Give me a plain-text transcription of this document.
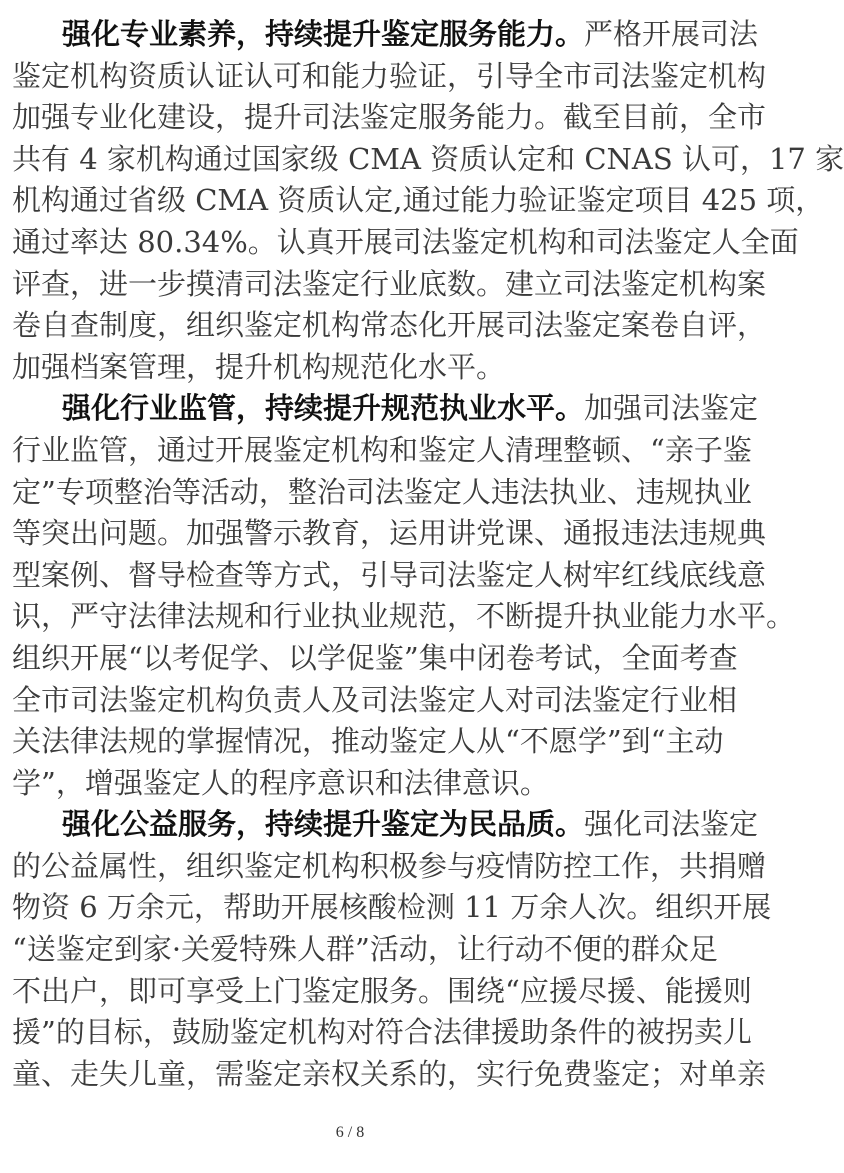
强化专业素养，持续提升鉴定服务能力。严格开展司法
鉴定机构资质认证认可和能力验证，引导全市司法鉴定机构
加强专业化建设，提升司法鉴定服务能力。截至目前，全市
共有 4 家机构通过国家级 CMA 资质认定和 CNAS 认可，17 家
机构通过省级 CMA 资质认定,通过能力验证鉴定项目 425 项，
通过率达 80.34%。认真开展司法鉴定机构和司法鉴定人全面
评查，进一步摸清司法鉴定行业底数。建立司法鉴定机构案
卷自查制度，组织鉴定机构常态化开展司法鉴定案卷自评，
加强档案管理，提升机构规范化水平。
强化行业监管，持续提升规范执业水平。加强司法鉴定
行业监管，通过开展鉴定机构和鉴定人清理整顿、“亲子鉴
定”专项整治等活动，整治司法鉴定人违法执业、违规执业
等突出问题。加强警示教育，运用讲党课、通报违法违规典
型案例、督导检查等方式，引导司法鉴定人树牢红线底线意
识，严守法律法规和行业执业规范，不断提升执业能力水平。
组织开展“以考促学、以学促鉴”集中闭卷考试，全面考查
全市司法鉴定机构负责人及司法鉴定人对司法鉴定行业相
关法律法规的掌握情况，推动鉴定人从“不愿学”到“主动
学”，增强鉴定人的程序意识和法律意识。
强化公益服务，持续提升鉴定为民品质。强化司法鉴定
的公益属性，组织鉴定机构积极参与疫情防控工作，共捐赠
物资 6 万余元，帮助开展核酸检测 11 万余人次。组织开展
“送鉴定到家·关爱特殊人群”活动，让行动不便的群众足
不出户，即可享受上门鉴定服务。围绕“应援尽援、能援则
援”的目标，鼓励鉴定机构对符合法律援助条件的被拐卖儿
童、走失儿童，需鉴定亲权关系的，实行免费鉴定；对单亲
6 / 8
